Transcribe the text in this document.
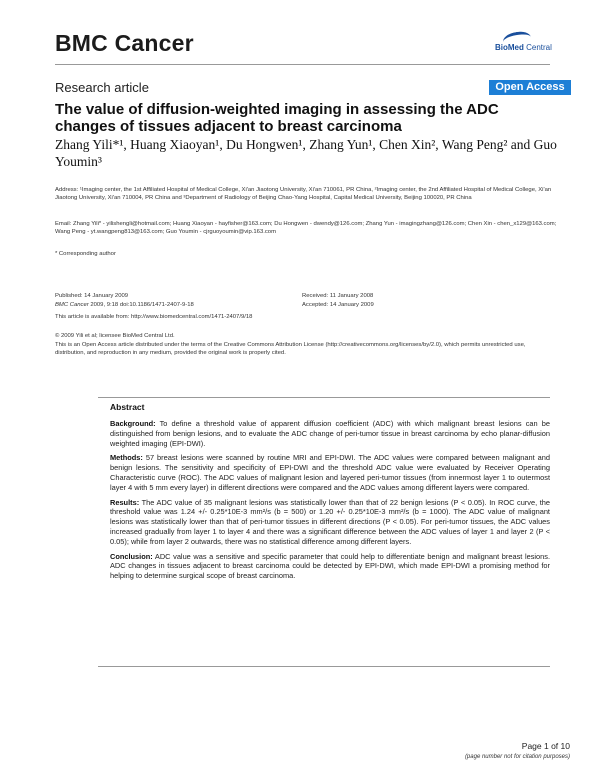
BMC Cancer	BioMed Central
Research article	Open Access
The value of diffusion-weighted imaging in assessing the ADC changes of tissues adjacent to breast carcinoma
Zhang Yili*¹, Huang Xiaoyan¹, Du Hongwen¹, Zhang Yun¹, Chen Xin², Wang Peng² and Guo Youmin³
Address: ¹Imaging center, the 1st Affiliated Hospital of Medical College, Xi'an Jiaotong University, Xi'an 710061, PR China, ²Imaging center, the 2nd Affiliated Hospital of Medical College, Xi'an Jiaotong University, Xi'an 710004, PR China and ³Department of Radiology of Beijing Chao-Yang Hospital, Capital Medical University, Beijing 100020, PR China
Email: Zhang Yili* - yilishengli@hotmail.com; Huang Xiaoyan - hayfisher@163.com; Du Hongwen - dwendy@126.com; Zhang Yun - imagingzhang@126.com; Chen Xin - chen_x129@163.com; Wang Peng - yt.wangpeng813@163.com; Guo Youmin - cjrguoyoumin@vip.163.com
* Corresponding author
Published: 14 January 2009
BMC Cancer 2009, 9:18 doi:10.1186/1471-2407-9-18
Received: 11 January 2008
Accepted: 14 January 2009
This article is available from: http://www.biomedcentral.com/1471-2407/9/18
© 2009 Yili et al; licensee BioMed Central Ltd.
This is an Open Access article distributed under the terms of the Creative Commons Attribution License (http://creativecommons.org/licenses/by/2.0), which permits unrestricted use, distribution, and reproduction in any medium, provided the original work is properly cited.
Abstract

Background: To define a threshold value of apparent diffusion coefficient (ADC) with which malignant breast lesions can be distinguished from benign lesions, and to evaluate the ADC change of peri-tumor tissue in breast carcinoma by echo planar-diffusion weighted imaging (EPI-DWI).

Methods: 57 breast lesions were scanned by routine MRI and EPI-DWI. The ADC values were compared between malignant and benign lesions. The sensitivity and specificity of EPI-DWI and the threshold ADC value were evaluated by Receiver Operating Characteristic curve (ROC). The ADC values of malignant lesion and layered peri-tumor tissues (from innermost layer 1 to outermost layer 4 with 5 mm every layer) in different directions were compared and the ADC values among different layers were compared.

Results: The ADC value of 35 malignant lesions was statistically lower than that of 22 benign lesions (P < 0.05). In ROC curve, the threshold value was 1.24 +/- 0.25*10E-3 mm²/s (b = 500) or 1.20 +/- 0.25*10E-3 mm²/s (b = 1000). The ADC value of malignant lesions was statistically lower than that of peri-tumor tissues in different directions (P < 0.05). For peri-tumor tissues, the ADC values increased gradually from layer 1 to layer 4 and there was a significant difference between the ADC values of layer 1 and layer 2 (P < 0.05); while from layer 2 outwards, there was no statistical difference among different layers.

Conclusion: ADC value was a sensitive and specific parameter that could help to differentiate benign and malignant breast lesions. ADC changes in tissues adjacent to breast carcinoma could be detected by EPI-DWI, which made EPI-DWI a promising method for helping to determine surgical scope of breast carcinoma.

Page 1 of 10
(page number not for citation purposes)
